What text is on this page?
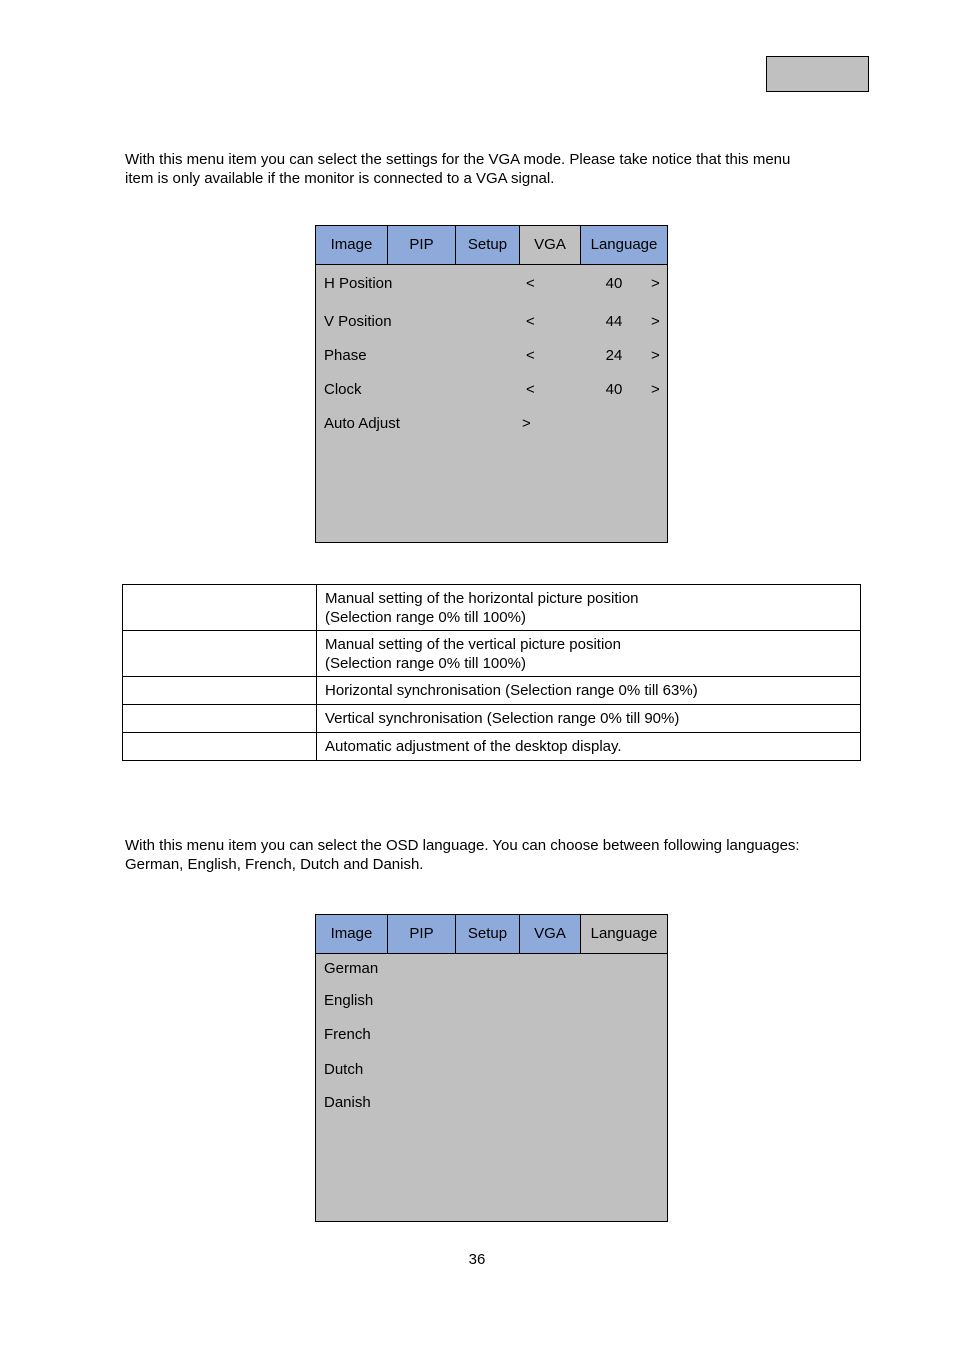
With this menu item you can select the settings for the VGA mode. Please take notice that this menu
item is only available if the monitor is connected to a VGA signal.

Image	PIP	Setup	VGA	Language
H Position	<	40	>
V Position	<	44	>
Phase	<	24	>
Clock	<	40	>
Auto Adjust	>
	Manual setting of the horizontal picture position
(Selection range 0% till 100%)
	Manual setting of the vertical picture position
(Selection range 0% till 100%)
	Horizontal synchronisation (Selection range 0% till 63%)
	Vertical synchronisation (Selection range 0% till 90%)
	Automatic adjustment of the desktop display.

With this menu item you can select the OSD language. You can choose between following languages:
German, English, French, Dutch and Danish.

Image	PIP	Setup	VGA	Language
German
English
French
Dutch
Danish
36
